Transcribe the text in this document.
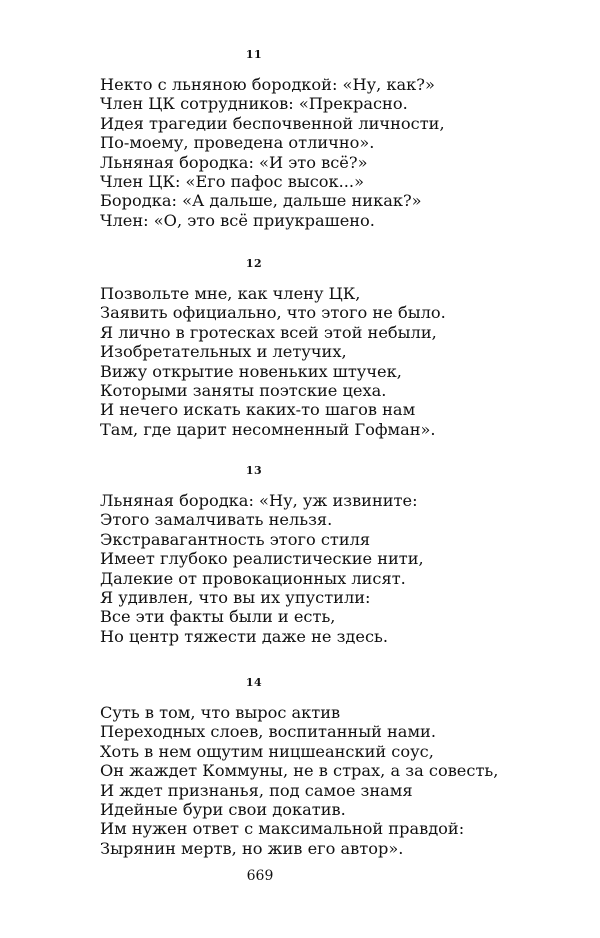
11
Некто с льняною бородкой: «Ну, как?»
Член ЦК сотрудников: «Прекрасно.
Идея трагедии беспочвенной личности,
По-моему, проведена отлично».
Льняная бородка: «И это всё?»
Член ЦК: «Его пафос высок...»
Бородка: «А дальше, дальше никак?»
Член: «О, это всё приукрашено.
12
Позвольте мне, как члену ЦК,
Заявить официально, что этого не было.
Я лично в гротесках всей этой небыли,
Изобретательных и летучих,
Вижу открытие новеньких штучек,
Которыми заняты поэтские цеха.
И нечего искать каких-то шагов нам
Там, где царит несомненный Гофман».
13
Льняная бородка: «Ну, уж извините:
Этого замалчивать нельзя.
Экстравагантность этого стиля
Имеет глубоко реалистические нити,
Далекие от провокационных лисят.
Я удивлен, что вы их упустили:
Все эти факты были и есть,
Но центр тяжести даже не здесь.
14
Суть в том, что вырос актив
Переходных слоев, воспитанный нами.
Хоть в нем ощутим ницшеанский соус,
Он жаждет Коммуны, не в страх, а за совесть,
И ждет признанья, под самое знамя
Идейные бури свои докатив.
Им нужен ответ с максимальной правдой:
Зырянин мертв, но жив его автор».
669
